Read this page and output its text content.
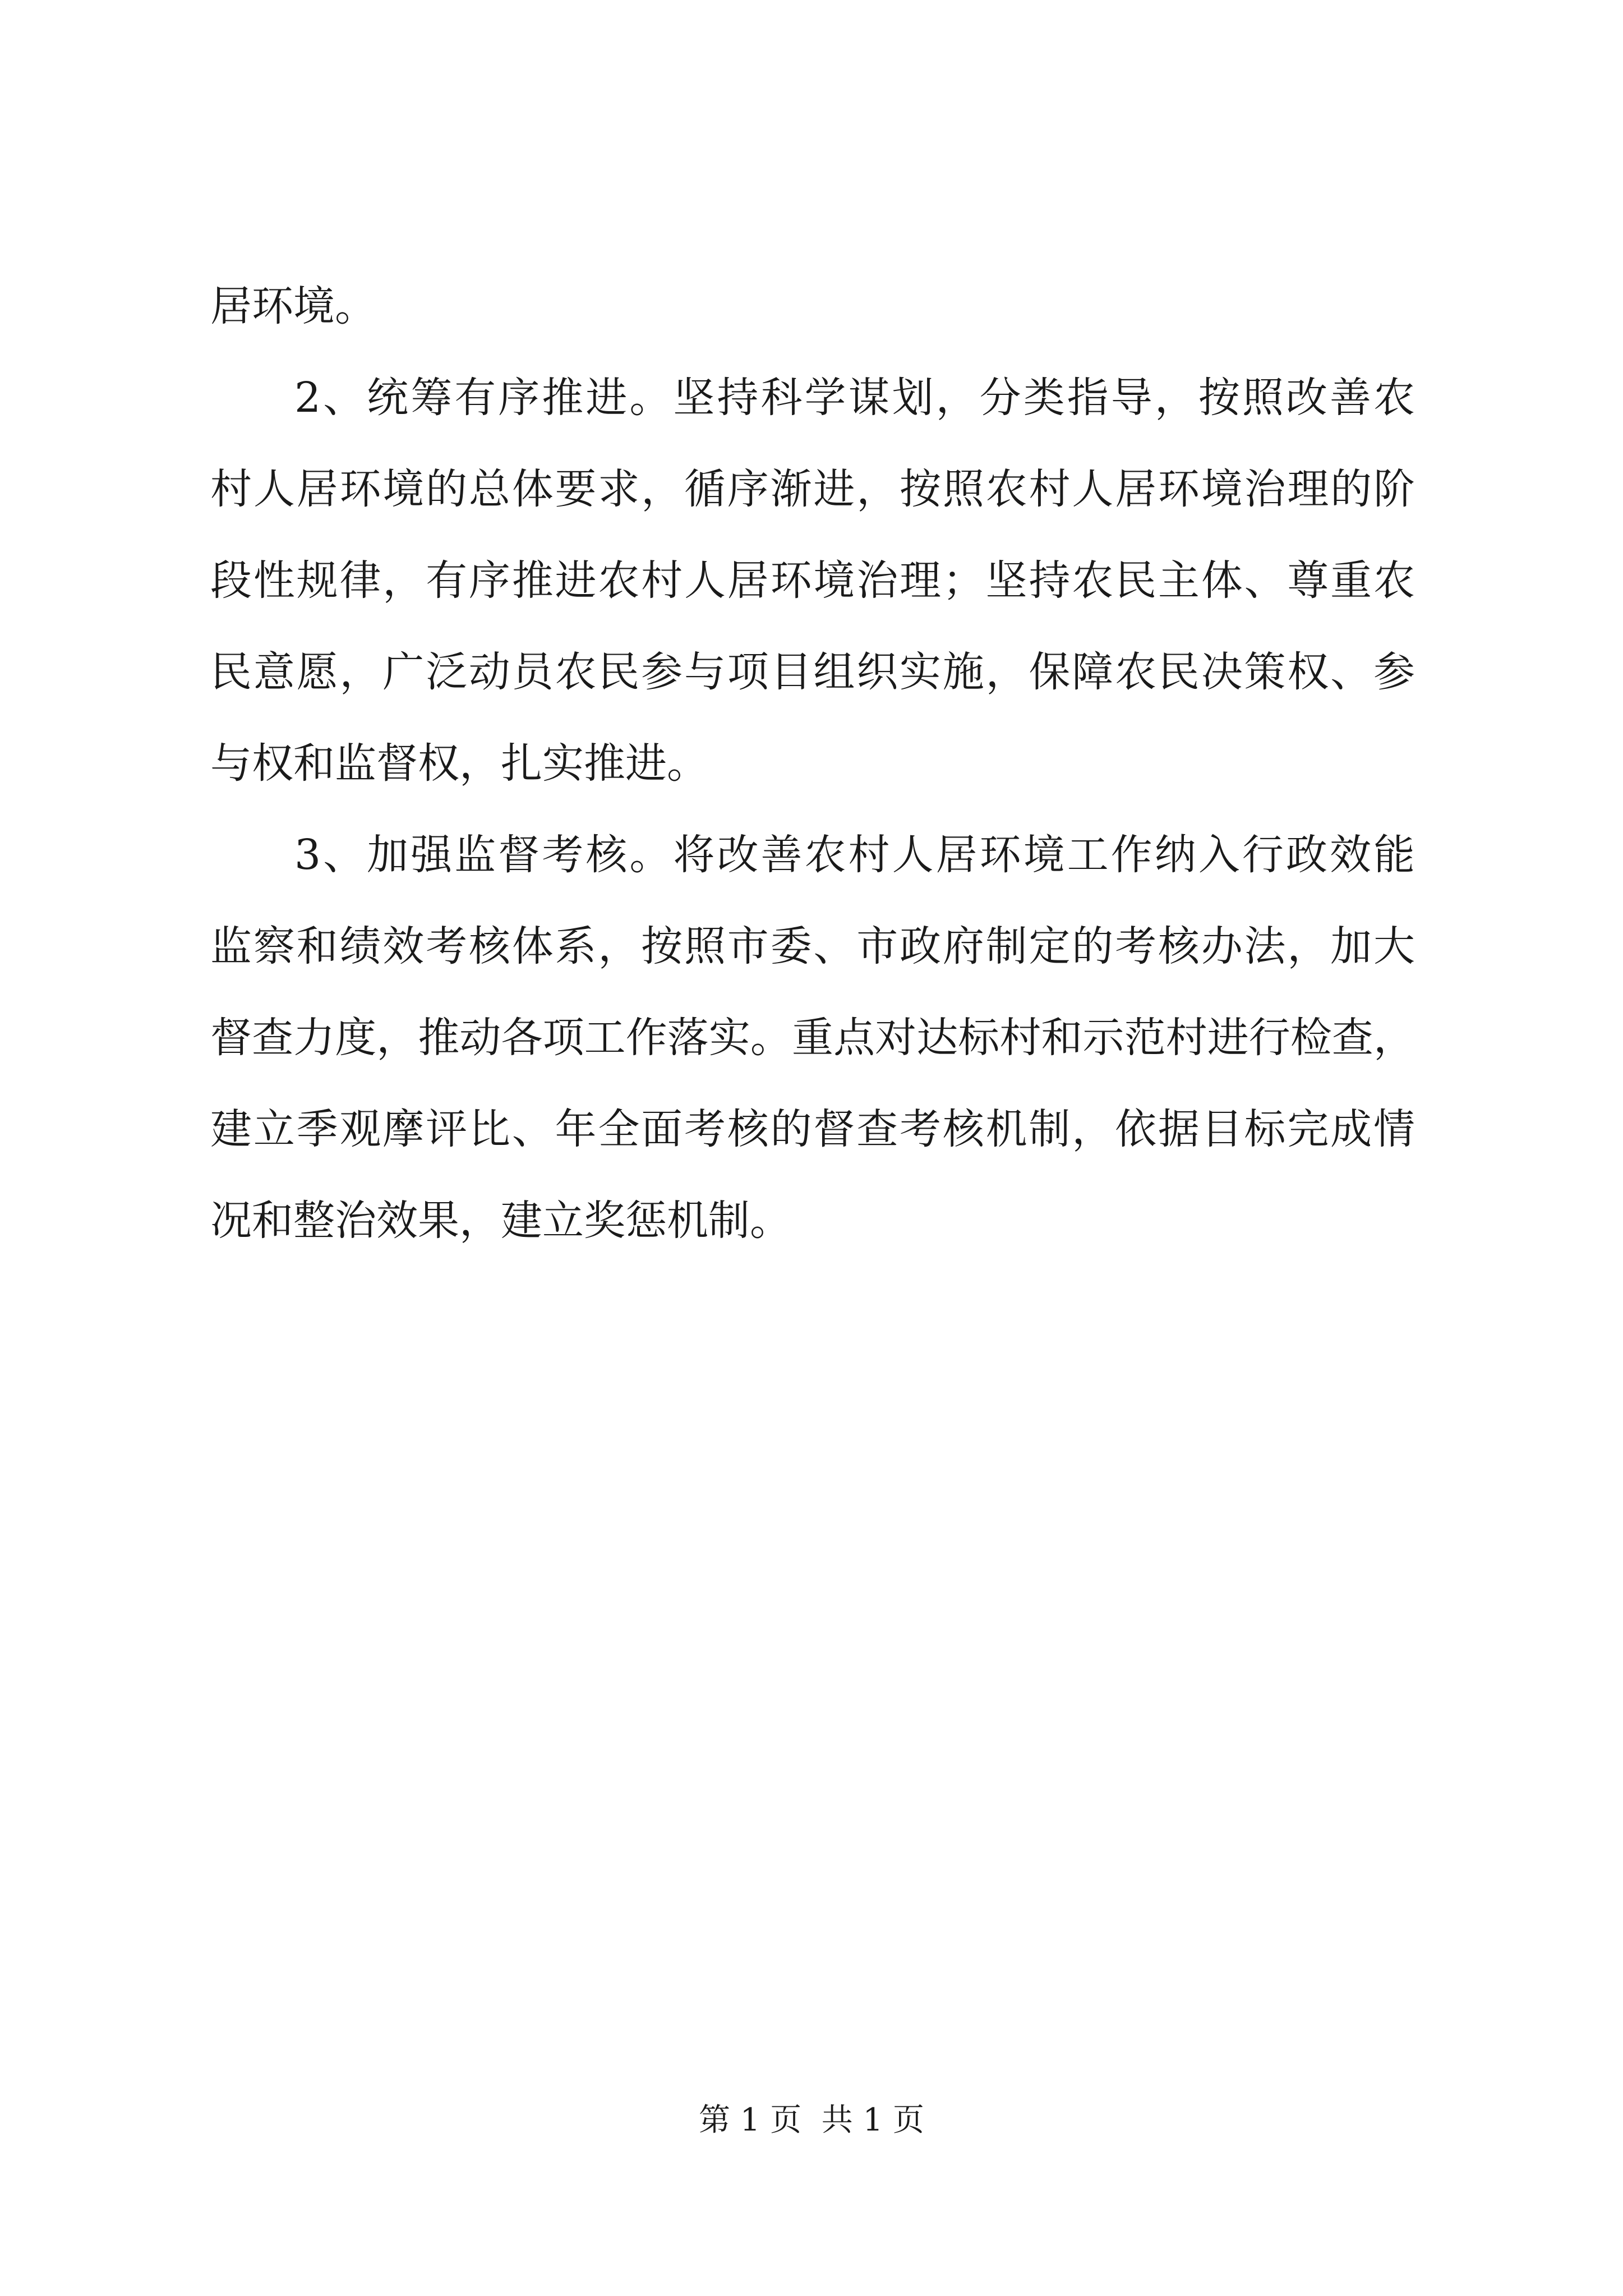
居环境。
2、统筹有序推进。坚持科学谋划，分类指导，按照改善农
村人居环境的总体要求，循序渐进，按照农村人居环境治理的阶
段性规律，有序推进农村人居环境治理；坚持农民主体、尊重农
民意愿，广泛动员农民参与项目组织实施，保障农民决策权、参
与权和监督权，扎实推进。
3、加强监督考核。将改善农村人居环境工作纳入行政效能
监察和绩效考核体系，按照市委、市政府制定的考核办法，加大
督查力度，推动各项工作落实。重点对达标村和示范村进行检查，
建立季观摩评比、年全面考核的督查考核机制，依据目标完成情
况和整治效果，建立奖惩机制。
第 1 页  共 1 页
